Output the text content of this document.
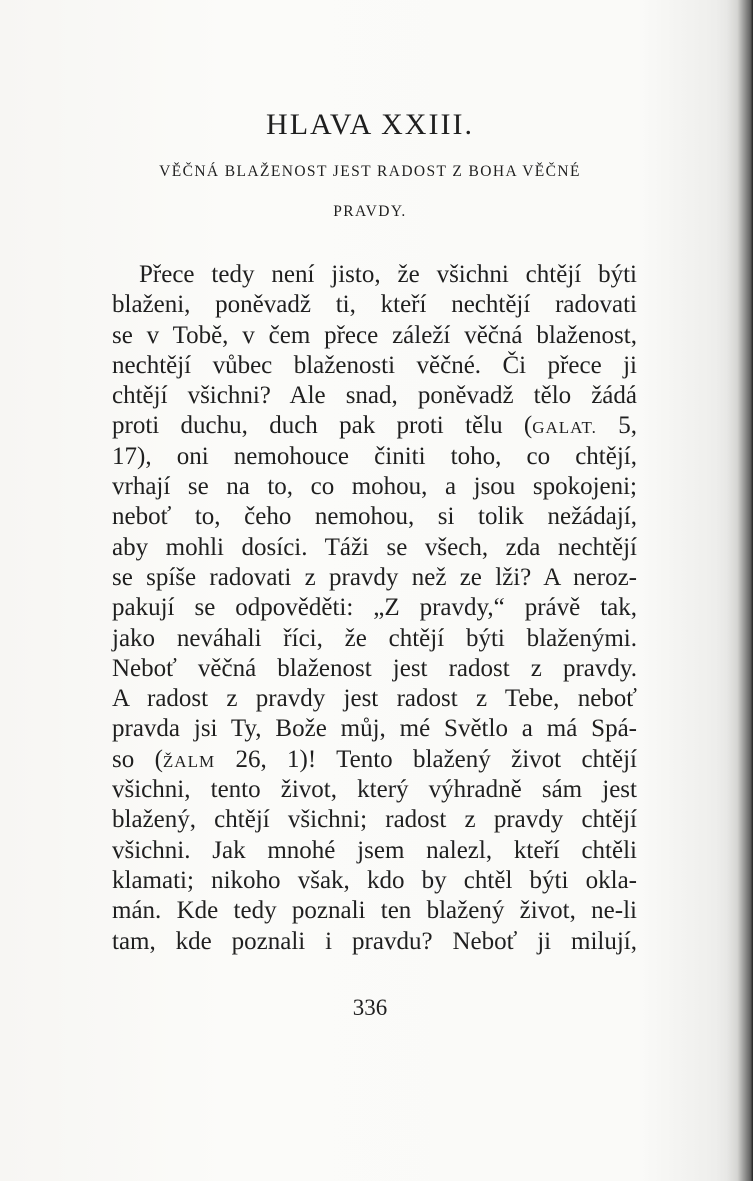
HLAVA XXIII.

VĚČNÁ BLAŽENOST JEST RADOST Z BOHA VĚČNÉ

PRAVDY.

Přece tedy není jisto, že všichni chtějí býti
blaženi, poněvadž ti, kteří nechtějí radovati
se v Tobě, v čem přece záleží věčná blaženost,
nechtějí vůbec blaženosti věčné. Či přece ji
chtějí všichni? Ale snad, poněvadž tělo žádá
proti duchu, duch pak proti tělu (GALAT. 5,
17), oni nemohouce činiti toho, co chtějí,
vrhají se na to, co mohou, a jsou spokojeni;
neboť to, čeho nemohou, si tolik nežádají,
aby mohli dosíci. Táži se všech, zda nechtějí
se spíše radovati z pravdy než ze lži? A neroz-
pakují se odpověděti: „Z pravdy,“ právě tak,
jako neváhali říci, že chtějí býti blaženými.
Neboť věčná blaženost jest radost z pravdy.
A radost z pravdy jest radost z Tebe, neboť
pravda jsi Ty, Bože můj, mé Světlo a má Spá-
so (ŽALM 26, 1)! Tento blažený život chtějí
všichni, tento život, který výhradně sám jest
blažený, chtějí všichni; radost z pravdy chtějí
všichni. Jak mnohé jsem nalezl, kteří chtěli
klamati; nikoho však, kdo by chtěl býti okla-
mán. Kde tedy poznali ten blažený život, ne-li
tam, kde poznali i pravdu? Neboť ji milují,

336
